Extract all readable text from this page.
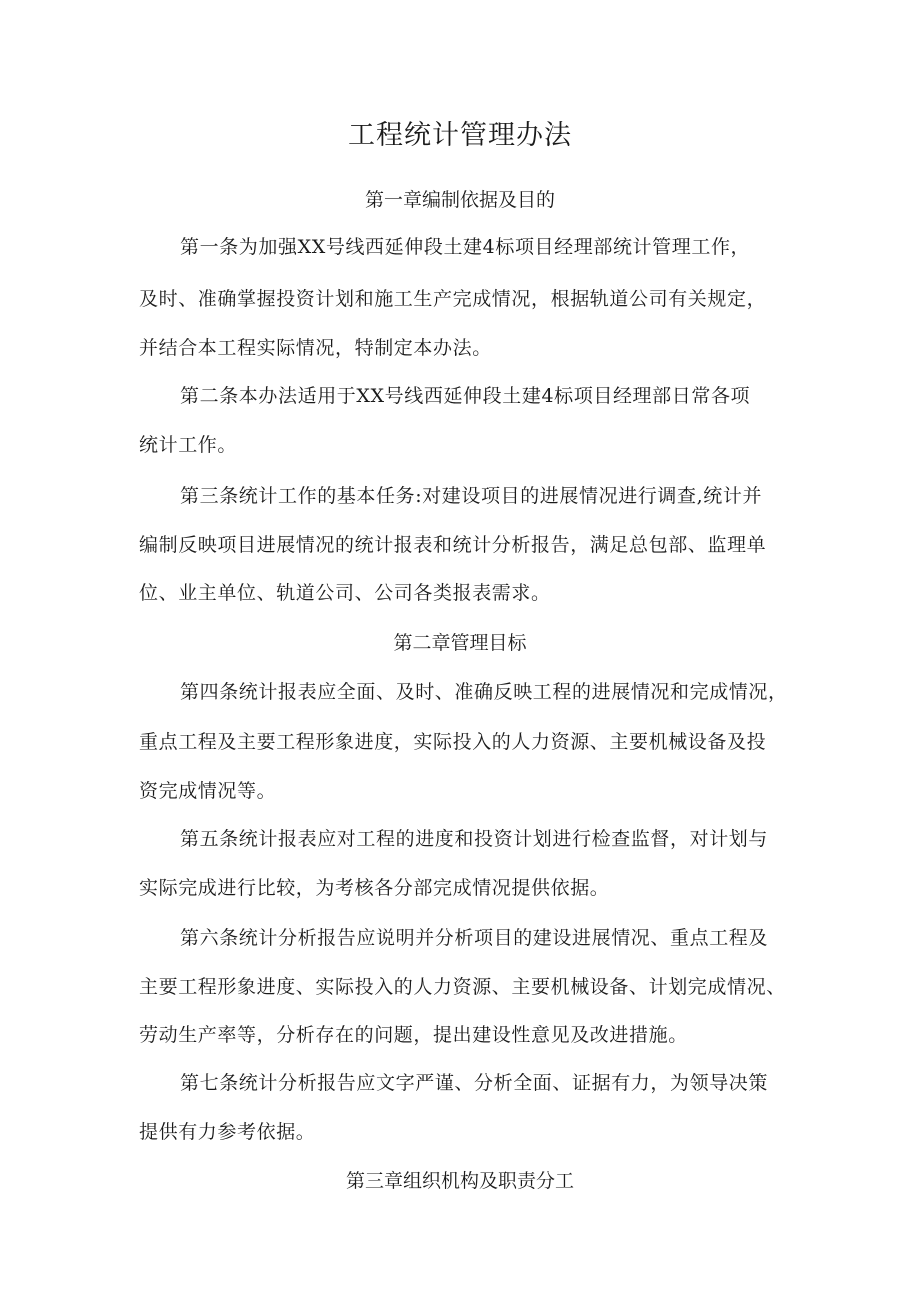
工程统计管理办法
第一章编制依据及目的

第一条为加强XX号线西延伸段土建4标项目经理部统计管理工作，

及时、准确掌握投资计划和施工生产完成情况，根据轨道公司有关规定，

并结合本工程实际情况，特制定本办法。

第二条本办法适用于XX号线西延伸段土建4标项目经理部日常各项

统计工作。

第三条统计工作的基本任务:对建设项目的进展情况进行调查,统计并

编制反映项目进展情况的统计报表和统计分析报告，满足总包部、监理单

位、业主单位、轨道公司、公司各类报表需求。

第二章管理目标

第四条统计报表应全面、及时、准确反映工程的进展情况和完成情况，

重点工程及主要工程形象进度，实际投入的人力资源、主要机械设备及投

资完成情况等。

第五条统计报表应对工程的进度和投资计划进行检查监督，对计划与

实际完成进行比较，为考核各分部完成情况提供依据。

第六条统计分析报告应说明并分析项目的建设进展情况、重点工程及

主要工程形象进度、实际投入的人力资源、主要机械设备、计划完成情况、

劳动生产率等，分析存在的问题，提出建设性意见及改进措施。

第七条统计分析报告应文字严谨、分析全面、证据有力，为领导决策

提供有力参考依据。

第三章组织机构及职责分工
